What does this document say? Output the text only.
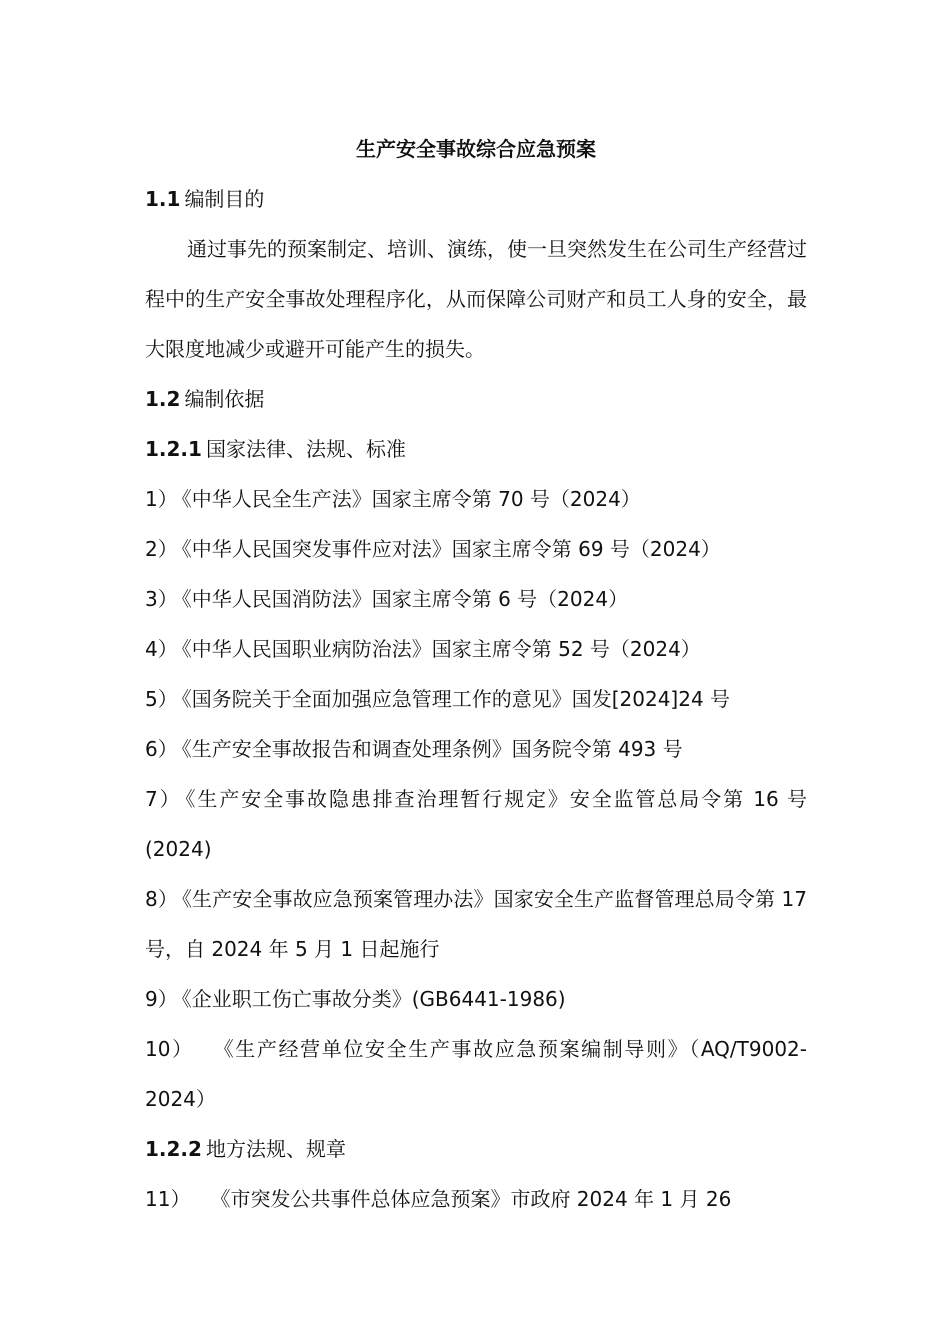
生产安全事故综合应急预案

1.1 编制目的

通过事先的预案制定、培训、演练，使一旦突然发生在公司生产经营过程中的生产安全事故处理程序化，从而保障公司财产和员工人身的安全，最大限度地减少或避开可能产生的损失。

1.2 编制依据

1.2.1 国家法律、法规、标准

1） 《中华人民全生产法》国家主席令第 70 号（2024）

2） 《中华人民国突发事件应对法》国家主席令第 69 号（2024）

3） 《中华人民国消防法》国家主席令第 6 号（2024）

4） 《中华人民国职业病防治法》国家主席令第 52 号（2024）

5） 《国务院关于全面加强应急管理工作的意见》国发[2024]24 号

6） 《生产安全事故报告和调查处理条例》国务院令第 493 号

7） 《生产安全事故隐患排查治理暂行规定》安全监管总局令第 16 号(2024)

8） 《生产安全事故应急预案管理办法》国家安全生产监督管理总局令第 17 号，自 2024 年 5 月 1 日起施行

9） 《企业职工伤亡事故分类》(GB6441-1986)

10） 《生产经营单位安全生产事故应急预案编制导则》（AQ/T9002-2024）

1.2.2 地方法规、规章

11） 《市突发公共事件总体应急预案》市政府 2024 年 1 月 26
